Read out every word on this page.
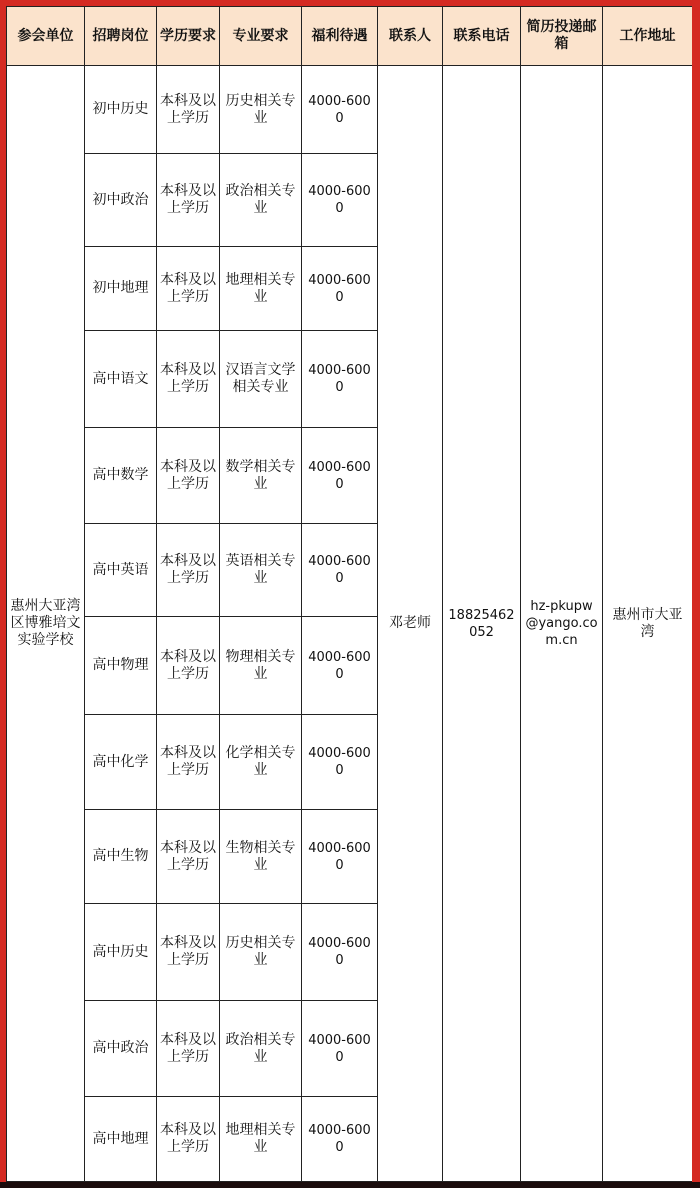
参会单位	招聘岗位	学历要求	专业要求	福利待遇	联系人	联系电话	简历投递邮箱	工作地址
惠州大亚湾区博雅培文实验学校	初中历史	本科及以上学历	历史相关专业	4000-6000	邓老师	18825462052	hz-pkupw@yango.com.cn	惠州市大亚湾
	初中政治	本科及以上学历	政治相关专业	4000-6000				
	初中地理	本科及以上学历	地理相关专业	4000-6000				
	高中语文	本科及以上学历	汉语言文学相关专业	4000-6000				
	高中数学	本科及以上学历	数学相关专业	4000-6000				
	高中英语	本科及以上学历	英语相关专业	4000-6000				
	高中物理	本科及以上学历	物理相关专业	4000-6000				
	高中化学	本科及以上学历	化学相关专业	4000-6000				
	高中生物	本科及以上学历	生物相关专业	4000-6000				
	高中历史	本科及以上学历	历史相关专业	4000-6000				
	高中政治	本科及以上学历	政治相关专业	4000-6000				
	高中地理	本科及以上学历	地理相关专业	4000-6000				
